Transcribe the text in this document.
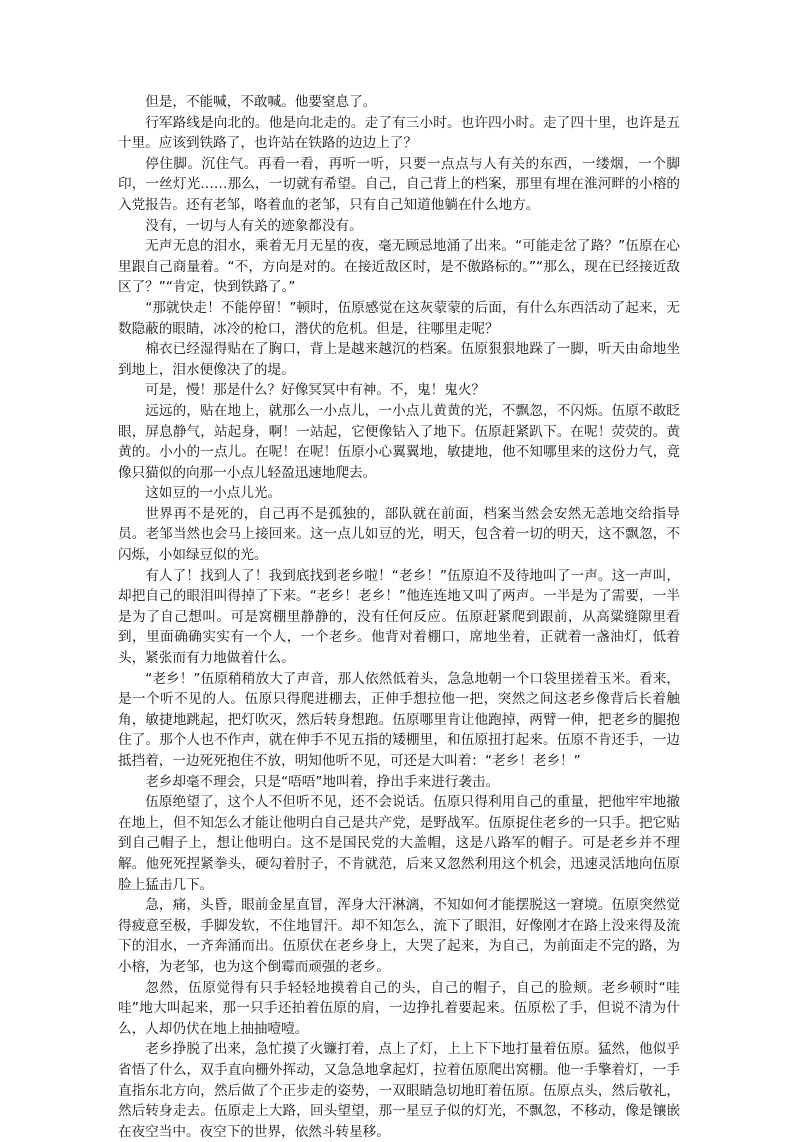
但是，不能喊，不敢喊。他要窒息了。

行军路线是向北的。他是向北走的。走了有三小时。也许四小时。走了四十里，也许是五十里。应该到铁路了，也许站在铁路的边边上了？

停住脚。沉住气。再看一看，再听一听，只要一点点与人有关的东西，一缕烟，一个脚印，一丝灯光……那么，一切就有希望。自己，自己背上的档案，那里有埋在淮河畔的小榕的入党报告。还有老邹，咯着血的老邹，只有自己知道他躺在什么地方。

没有，一切与人有关的迹象都没有。

无声无息的泪水，乘着无月无星的夜，毫无顾忌地涌了出来。“可能走岔了路？”伍原在心里跟自己商量着。“不，方向是对的。在接近敌区时，是不傲路标的。”“那么，现在已经接近敌区了？”“肯定，快到铁路了。”

“那就快走！不能停留！”顿时，伍原感觉在这灰蒙蒙的后面，有什么东西活动了起来，无数隐蔽的眼睛，冰冷的枪口，潜伏的危机。但是，往哪里走呢？

棉衣已经湿得贴在了胸口，背上是越来越沉的档案。伍原狠狠地跺了一脚，听天由命地坐到地上，泪水便像决了的堤。

可是，慢！那是什么？好像冥冥中有神。不，鬼！鬼火？

远远的，贴在地上，就那么一小点儿，一小点儿黄黄的光，不飘忽，不闪烁。伍原不敢眨眼，屏息静气，站起身，啊！一站起，它便像钻入了地下。伍原赶紧趴下。在呢！荧荧的。黄黄的。小小的一点儿。在呢！在呢！伍原小心翼翼地，敏捷地，他不知哪里来的这份力气，竟像只猫似的向那一小点儿轻盈迅速地爬去。

这如豆的一小点儿光。

世界再不是死的，自己再不是孤独的，部队就在前面，档案当然会安然无恙地交给指导员。老邹当然也会马上接回来。这一点儿如豆的光，明天，包含着一切的明天，这不飘忽，不闪烁，小如绿豆似的光。

有人了！找到人了！我到底找到老乡啦！“老乡！”伍原迫不及待地叫了一声。这一声叫，却把自己的眼泪叫得掉了下来。“老乡！老乡！”他连连地又叫了两声。一半是为了需要，一半是为了自己想叫。可是窝棚里静静的，没有任何反应。伍原赶紧爬到跟前，从高粱缝隙里看到，里面确确实实有一个人，一个老乡。他背对着棚口，席地坐着，正就着一盏油灯，低着头，紧张而有力地做着什么。

“老乡！”伍原稍稍放大了声音，那人依然低着头，急急地朝一个口袋里搓着玉米。看来，是一个听不见的人。伍原只得爬进棚去，正伸手想拉他一把，突然之间这老乡像背后长着触角，敏捷地跳起，把灯吹灭，然后转身想跑。伍原哪里肯让他跑掉，两臂一伸，把老乡的腿抱住了。那个人也不作声，就在伸手不见五指的矮棚里，和伍原扭打起来。伍原不肯还手，一边抵挡着，一边死死抱住不放，明知他听不见，可还是大叫着：“老乡！老乡！”

老乡却毫不理会，只是“唔唔”地叫着，挣出手来进行袭击。

伍原绝望了，这个人不但听不见，还不会说话。伍原只得利用自己的重量，把他牢牢地撤在地上，但不知怎么才能让他明白自己是共产党，是野战军。伍原捉住老乡的一只手。把它贴到自己帽子上，想让他明白。这不是国民党的大盖帽，这是八路军的帽子。可是老乡并不理解。他死死捏紧拳头，硬勾着肘子，不肯就范，后来又忽然利用这个机会，迅速灵活地向伍原脸上猛击几下。

急，痛，头昏，眼前金星直冒，浑身大汗淋漓，不知如何才能摆脱这一窘境。伍原突然觉得疲意至极，手脚发软，不住地冒汗。却不知怎么，流下了眼泪，好像刚才在路上没来得及流下的泪水，一齐奔涌而出。伍原伏在老乡身上，大哭了起来，为自己，为前面走不完的路，为小榕，为老邹，也为这个倒霉而顽强的老乡。

忽然，伍原觉得有只手轻轻地摸着自己的头，自己的帽子，自己的脸颊。老乡顿时“哇哇”地大叫起来，那一只手还拍着伍原的肩，一边挣扎着要起来。伍原松了手，但说不清为什么，人却仍伏在地上抽抽噎噎。

老乡挣脱了出来，急忙摸了火镰打着，点上了灯，上上下下地打量着伍原。猛然，他似乎省悟了什么，双手直向栅外挥动，又急急地拿起灯，拉着伍原爬出窝棚。他一手擎着灯，一手直指东北方向，然后做了个正步走的姿势，一双眼睛急切地盯着伍原。伍原点头，然后敬礼，然后转身走去。伍原走上大路，回头望望，那一星豆子似的灯光，不飘忽，不移动，像是镶嵌在夜空当中。夜空下的世界，依然斗转星移。
